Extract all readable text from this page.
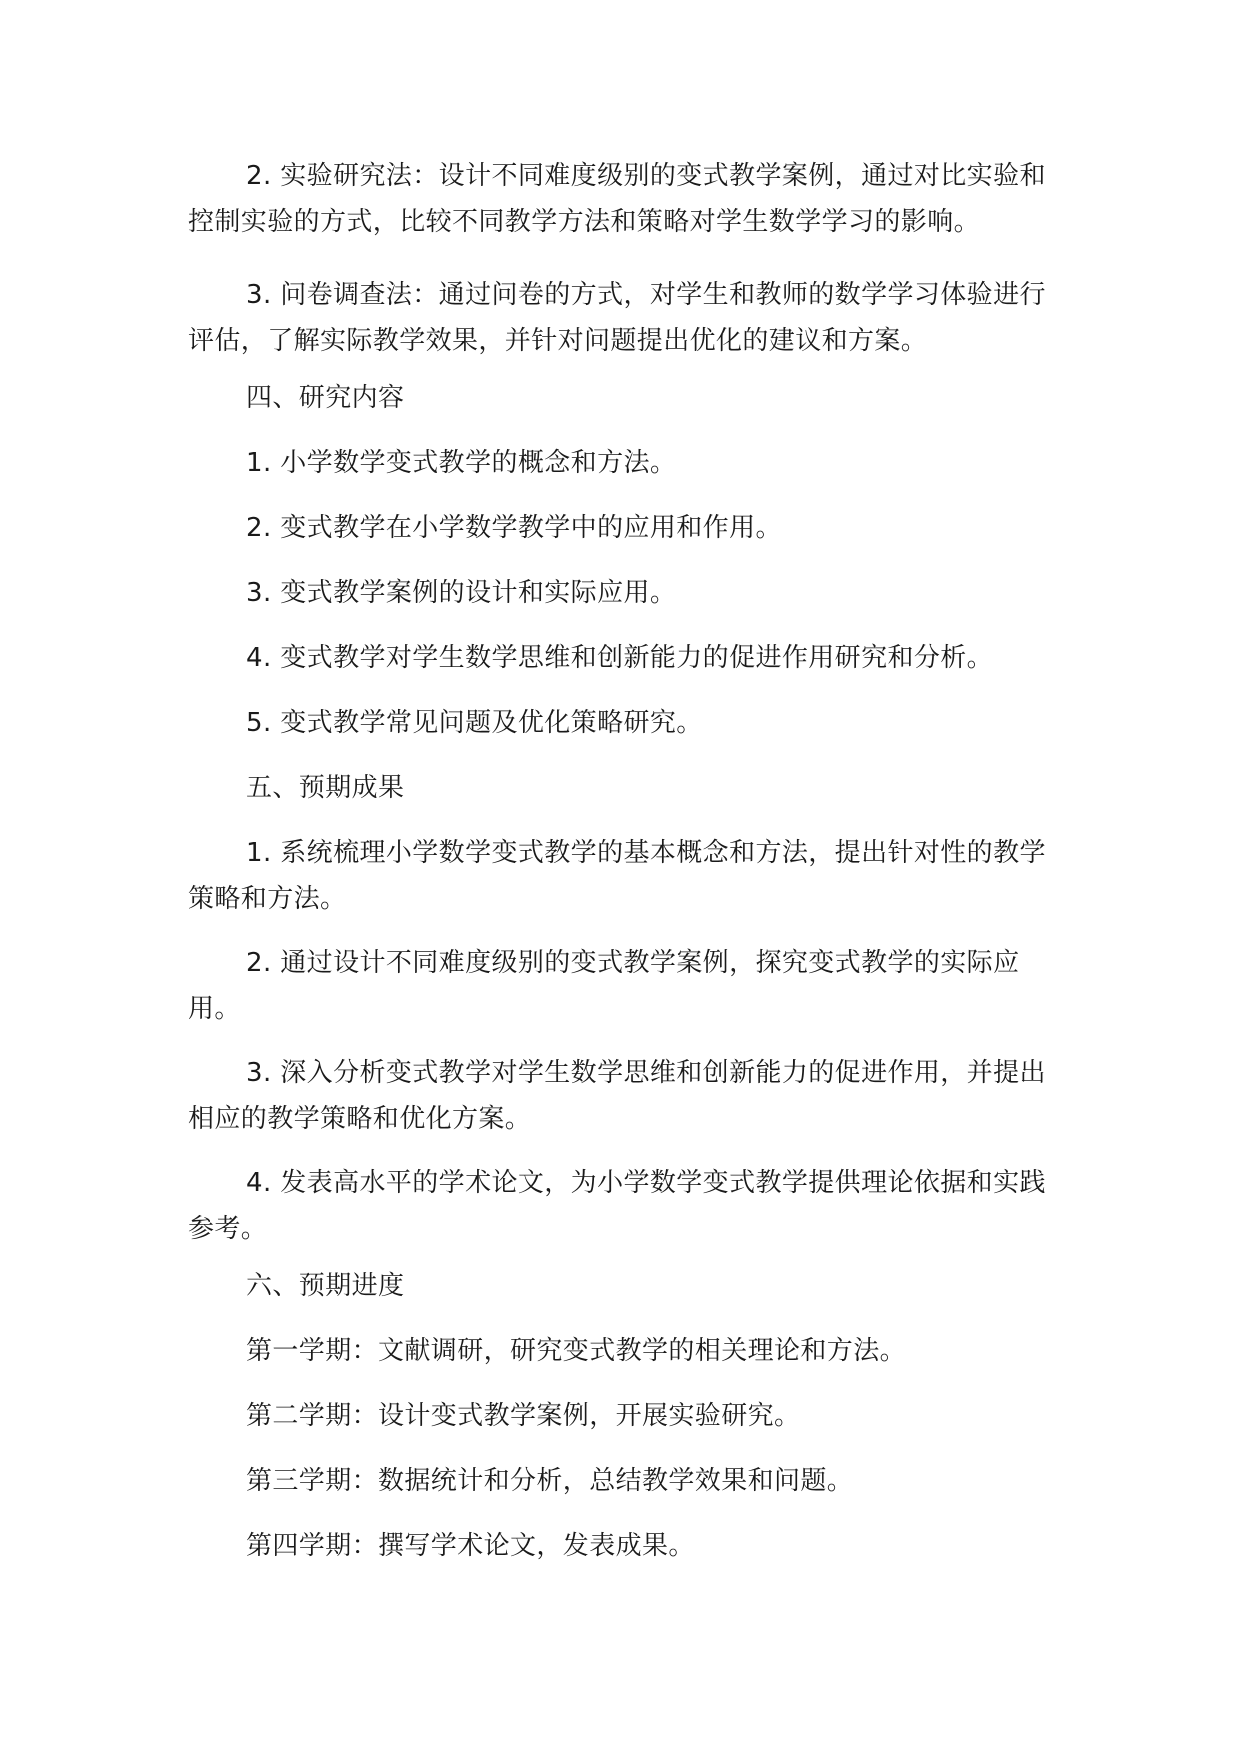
2. 实验研究法：设计不同难度级别的变式教学案例，通过对比实验和控制实验的方式，比较不同教学方法和策略对学生数学学习的影响。

3. 问卷调查法：通过问卷的方式，对学生和教师的数学学习体验进行评估，了解实际教学效果，并针对问题提出优化的建议和方案。

四、研究内容

1. 小学数学变式教学的概念和方法。

2. 变式教学在小学数学教学中的应用和作用。

3. 变式教学案例的设计和实际应用。

4. 变式教学对学生数学思维和创新能力的促进作用研究和分析。

5. 变式教学常见问题及优化策略研究。

五、预期成果

1. 系统梳理小学数学变式教学的基本概念和方法，提出针对性的教学策略和方法。

2. 通过设计不同难度级别的变式教学案例，探究变式教学的实际应用。

3. 深入分析变式教学对学生数学思维和创新能力的促进作用，并提出相应的教学策略和优化方案。

4. 发表高水平的学术论文，为小学数学变式教学提供理论依据和实践参考。

六、预期进度

第一学期：文献调研，研究变式教学的相关理论和方法。

第二学期：设计变式教学案例，开展实验研究。

第三学期：数据统计和分析，总结教学效果和问题。

第四学期：撰写学术论文，发表成果。
